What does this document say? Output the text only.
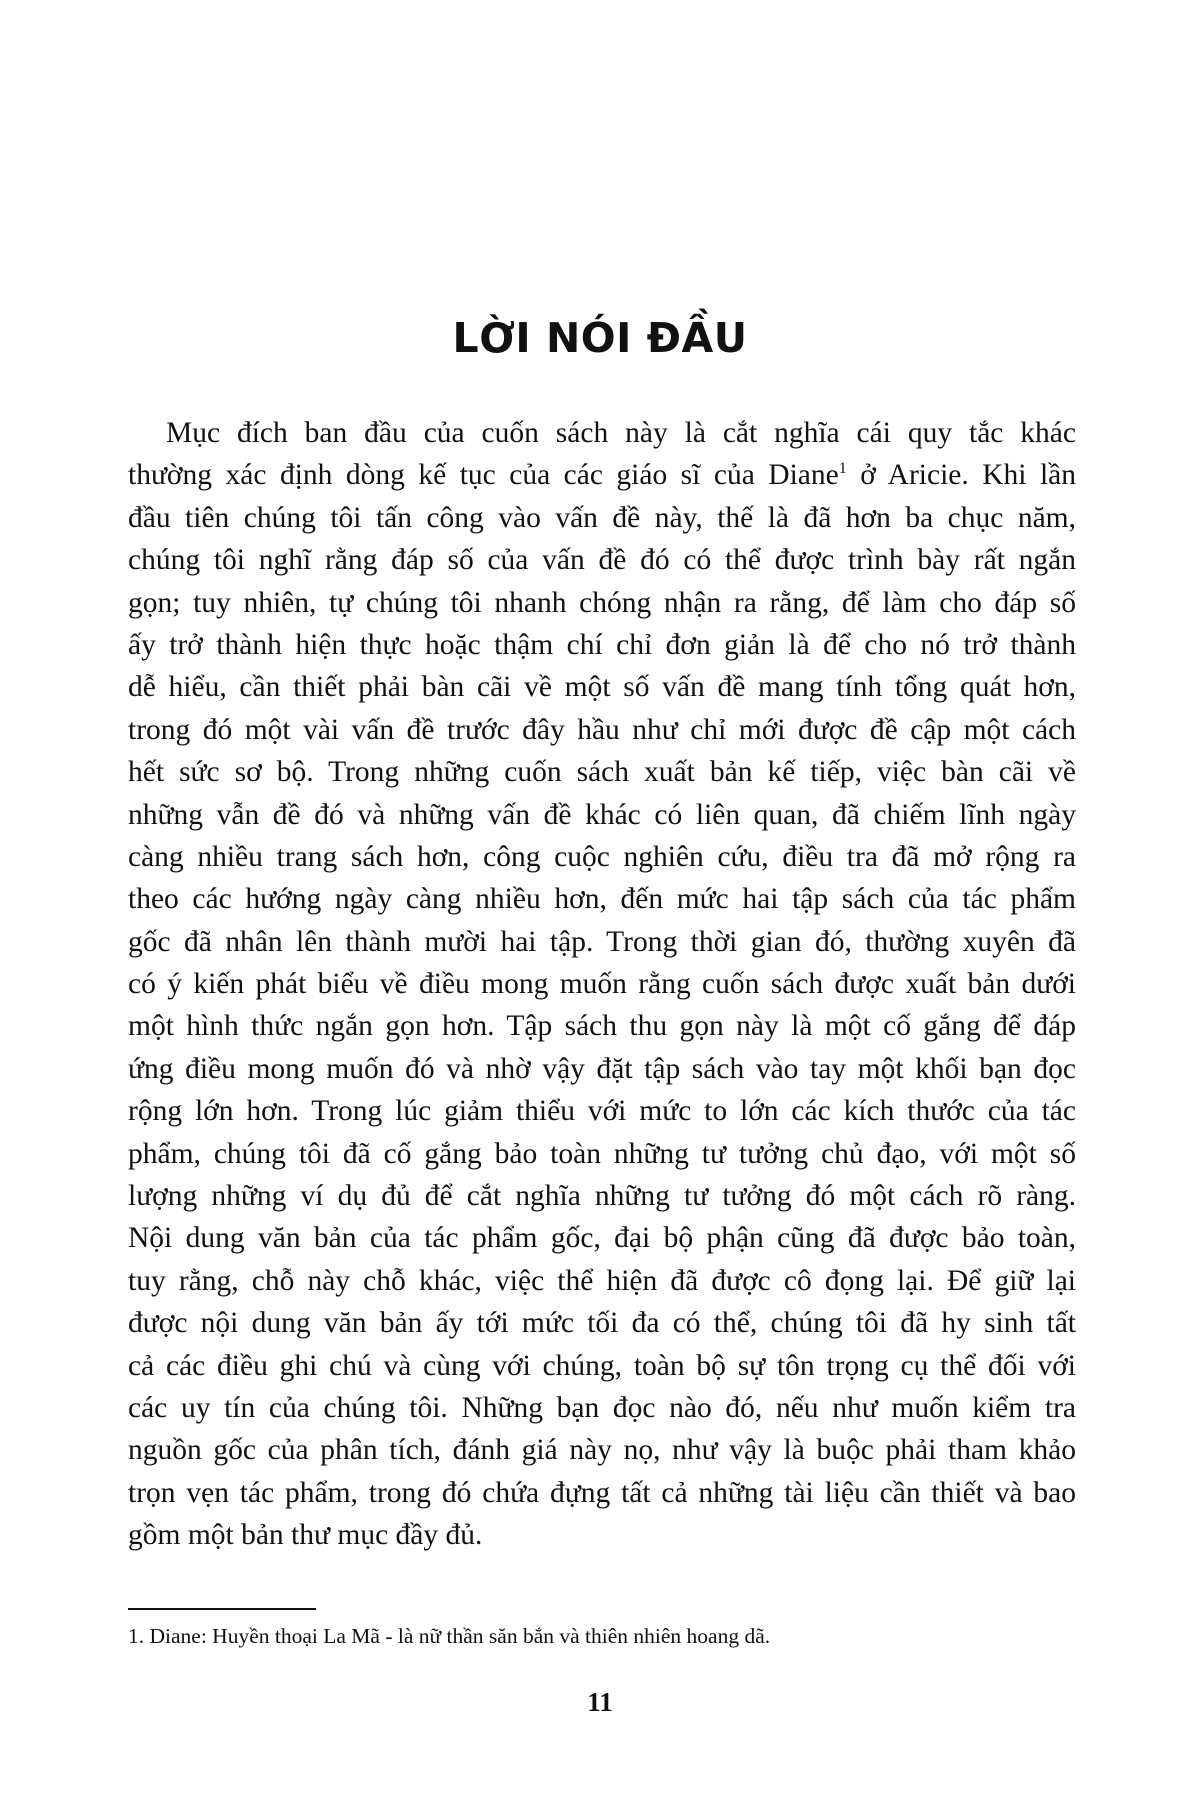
LỜI NÓI ĐẦU
Mục đích ban đầu của cuốn sách này là cắt nghĩa cái quy tắc khác
thường xác định dòng kế tục của các giáo sĩ của Diane$^1$ ở Aricie. Khi lần
đầu tiên chúng tôi tấn công vào vấn đề này, thế là đã hơn ba chục năm,
chúng tôi nghĩ rằng đáp số của vấn đề đó có thể được trình bày rất ngắn
gọn; tuy nhiên, tự chúng tôi nhanh chóng nhận ra rằng, để làm cho đáp số
ấy trở thành hiện thực hoặc thậm chí chỉ đơn giản là để cho nó trở thành
dễ hiểu, cần thiết phải bàn cãi về một số vấn đề mang tính tổng quát hơn,
trong đó một vài vấn đề trước đây hầu như chỉ mới được đề cập một cách
hết sức sơ bộ. Trong những cuốn sách xuất bản kế tiếp, việc bàn cãi về
những vẫn đề đó và những vấn đề khác có liên quan, đã chiếm lĩnh ngày
càng nhiều trang sách hơn, công cuộc nghiên cứu, điều tra đã mở rộng ra
theo các hướng ngày càng nhiều hơn, đến mức hai tập sách của tác phẩm
gốc đã nhân lên thành mười hai tập. Trong thời gian đó, thường xuyên đã
có ý kiến phát biểu về điều mong muốn rằng cuốn sách được xuất bản dưới
một hình thức ngắn gọn hơn. Tập sách thu gọn này là một cố gắng để đáp
ứng điều mong muốn đó và nhờ vậy đặt tập sách vào tay một khối bạn đọc
rộng lớn hơn. Trong lúc giảm thiểu với mức to lớn các kích thước của tác
phẩm, chúng tôi đã cố gắng bảo toàn những tư tưởng chủ đạo, với một số
lượng những ví dụ đủ để cắt nghĩa những tư tưởng đó một cách rõ ràng.
Nội dung văn bản của tác phẩm gốc, đại bộ phận cũng đã được bảo toàn,
tuy rằng, chỗ này chỗ khác, việc thể hiện đã được cô đọng lại. Để giữ lại
được nội dung văn bản ấy tới mức tối đa có thể, chúng tôi đã hy sinh tất
cả các điều ghi chú và cùng với chúng, toàn bộ sự tôn trọng cụ thể đối với
các uy tín của chúng tôi. Những bạn đọc nào đó, nếu như muốn kiểm tra
nguồn gốc của phân tích, đánh giá này nọ, như vậy là buộc phải tham khảo
trọn vẹn tác phẩm, trong đó chứa đựng tất cả những tài liệu cần thiết và bao
gồm một bản thư mục đầy đủ.

1. Diane: Huyền thoại La Mã - là nữ thần săn bắn và thiên nhiên hoang dã.

11
